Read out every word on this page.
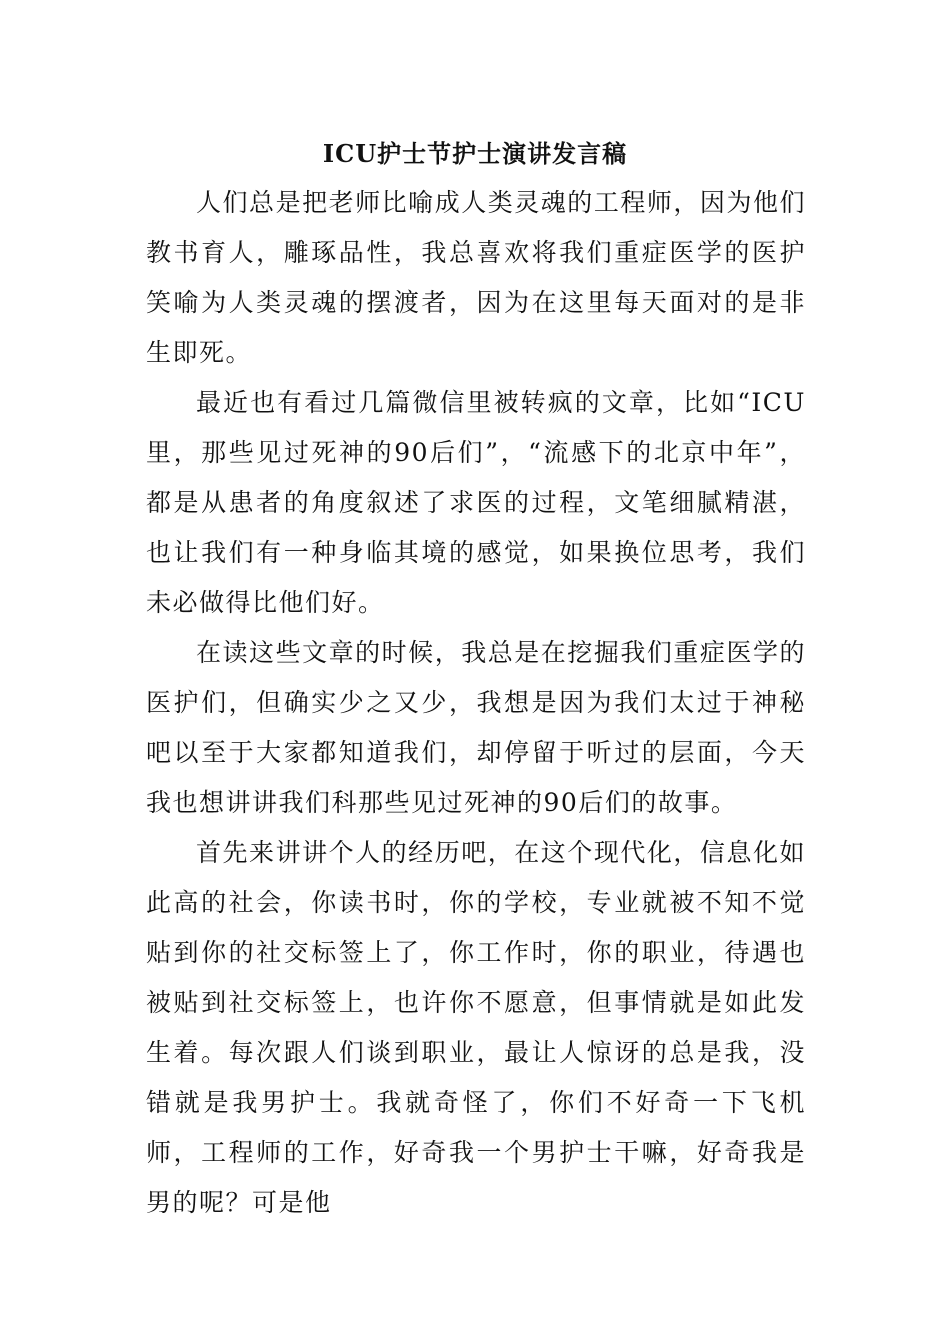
ICU护士节护士演讲发言稿

人们总是把老师比喻成人类灵魂的工程师，因为他们教书育人，雕琢品性，我总喜欢将我们重症医学的医护笑喻为人类灵魂的摆渡者，因为在这里每天面对的是非生即死。

最近也有看过几篇微信里被转疯的文章，比如“ICU里，那些见过死神的90后们”，“流感下的北京中年”，都是从患者的角度叙述了求医的过程，文笔细腻精湛，也让我们有一种身临其境的感觉，如果换位思考，我们未必做得比他们好。

在读这些文章的时候，我总是在挖掘我们重症医学的医护们，但确实少之又少，我想是因为我们太过于神秘吧以至于大家都知道我们，却停留于听过的层面，今天我也想讲讲我们科那些见过死神的90后们的故事。

首先来讲讲个人的经历吧，在这个现代化，信息化如此高的社会，你读书时，你的学校，专业就被不知不觉贴到你的社交标签上了，你工作时，你的职业，待遇也被贴到社交标签上，也许你不愿意，但事情就是如此发生着。每次跟人们谈到职业，最让人惊讶的总是我，没错就是我男护士。我就奇怪了，你们不好奇一下飞机师，工程师的工作，好奇我一个男护士干嘛，好奇我是男的呢？可是他
